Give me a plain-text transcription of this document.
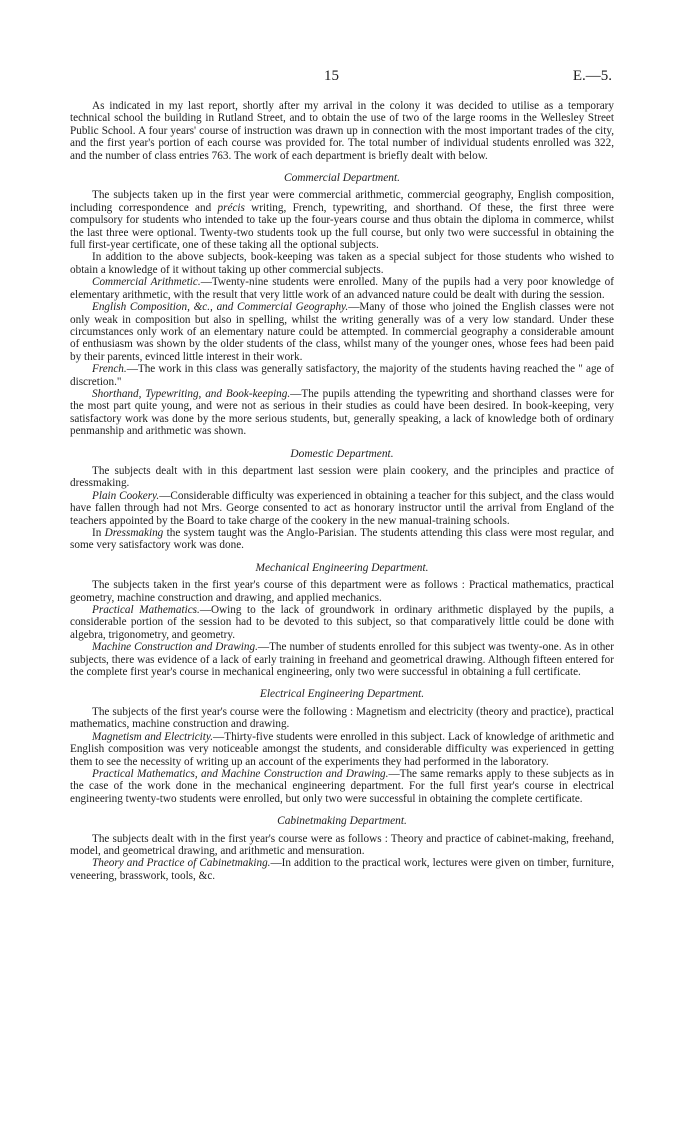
15	E.—5.

As indicated in my last report, shortly after my arrival in the colony it was decided to utilise as a temporary technical school the building in Rutland Street, and to obtain the use of two of the large rooms in the Wellesley Street Public School. A four years' course of instruction was drawn up in connection with the most important trades of the city, and the first year's portion of each course was provided for. The total number of individual students enrolled was 322, and the number of class entries 763. The work of each department is briefly dealt with below.

Commercial Department.

The subjects taken up in the first year were commercial arithmetic, commercial geography, English composition, including correspondence and précis writing, French, typewriting, and shorthand. Of these, the first three were compulsory for students who intended to take up the four-years course and thus obtain the diploma in commerce, whilst the last three were optional. Twenty-two students took up the full course, but only two were successful in obtaining the full first-year certificate, one of these taking all the optional subjects.

In addition to the above subjects, book-keeping was taken as a special subject for those students who wished to obtain a knowledge of it without taking up other commercial subjects.

Commercial Arithmetic.—Twenty-nine students were enrolled. Many of the pupils had a very poor knowledge of elementary arithmetic, with the result that very little work of an advanced nature could be dealt with during the session.

English Composition, &c., and Commercial Geography.—Many of those who joined the English classes were not only weak in composition but also in spelling, whilst the writing generally was of a very low standard. Under these circumstances only work of an elementary nature could be attempted. In commercial geography a considerable amount of enthusiasm was shown by the older students of the class, whilst many of the younger ones, whose fees had been paid by their parents, evinced little interest in their work.

French.—The work in this class was generally satisfactory, the majority of the students having reached the " age of discretion."

Shorthand, Typewriting, and Book-keeping.—The pupils attending the typewriting and shorthand classes were for the most part quite young, and were not as serious in their studies as could have been desired. In book-keeping, very satisfactory work was done by the more serious students, but, generally speaking, a lack of knowledge both of ordinary penmanship and arithmetic was shown.

Domestic Department.

The subjects dealt with in this department last session were plain cookery, and the principles and practice of dressmaking.

Plain Cookery.—Considerable difficulty was experienced in obtaining a teacher for this subject, and the class would have fallen through had not Mrs. George consented to act as honorary instructor until the arrival from England of the teachers appointed by the Board to take charge of the cookery in the new manual-training schools.

In Dressmaking the system taught was the Anglo-Parisian. The students attending this class were most regular, and some very satisfactory work was done.

Mechanical Engineering Department.

The subjects taken in the first year's course of this department were as follows : Practical mathematics, practical geometry, machine construction and drawing, and applied mechanics.

Practical Mathematics.—Owing to the lack of groundwork in ordinary arithmetic displayed by the pupils, a considerable portion of the session had to be devoted to this subject, so that comparatively little could be done with algebra, trigonometry, and geometry.

Machine Construction and Drawing.—The number of students enrolled for this subject was twenty-one. As in other subjects, there was evidence of a lack of early training in freehand and geometrical drawing. Although fifteen entered for the complete first year's course in mechanical engineering, only two were successful in obtaining a full certificate.

Electrical Engineering Department.

The subjects of the first year's course were the following : Magnetism and electricity (theory and practice), practical mathematics, machine construction and drawing.

Magnetism and Electricity.—Thirty-five students were enrolled in this subject. Lack of knowledge of arithmetic and English composition was very noticeable amongst the students, and considerable difficulty was experienced in getting them to see the necessity of writing up an account of the experiments they had performed in the laboratory.

Practical Mathematics, and Machine Construction and Drawing.—The same remarks apply to these subjects as in the case of the work done in the mechanical engineering department. For the full first year's course in electrical engineering twenty-two students were enrolled, but only two were successful in obtaining the complete certificate.

Cabinetmaking Department.

The subjects dealt with in the first year's course were as follows : Theory and practice of cabinet-making, freehand, model, and geometrical drawing, and arithmetic and mensuration.

Theory and Practice of Cabinetmaking.—In addition to the practical work, lectures were given on timber, furniture, veneering, brasswork, tools, &c.
